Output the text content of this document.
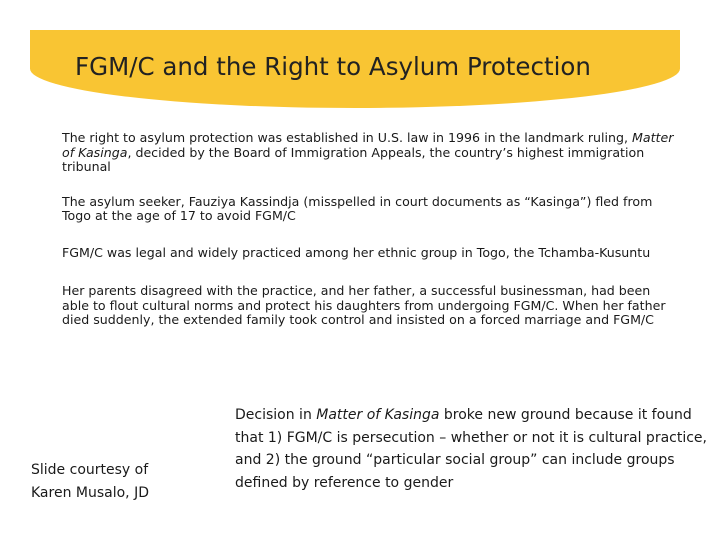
FGM/C and the Right to Asylum Protection

The right to asylum protection was established in U.S. law in 1996 in the landmark ruling, Matter of Kasinga, decided by the Board of Immigration Appeals, the country’s highest immigration tribunal

The asylum seeker, Fauziya Kassindja (misspelled in court documents as “Kasinga”) fled from Togo at the age of 17 to avoid FGM/C

FGM/C was legal and widely practiced among her ethnic group in Togo, the Tchamba-Kusuntu

Her parents disagreed with the practice, and her father, a successful businessman, had been able to flout cultural norms and protect his daughters from undergoing FGM/C. When her father died suddenly, the extended family took control and insisted on a forced marriage and FGM/C

Slide courtesy of
Karen Musalo, JD
Decision in Matter of Kasinga broke new ground because it found that 1) FGM/C is persecution – whether or not it is cultural practice, and 2) the ground “particular social group” can include groups defined by reference to gender
